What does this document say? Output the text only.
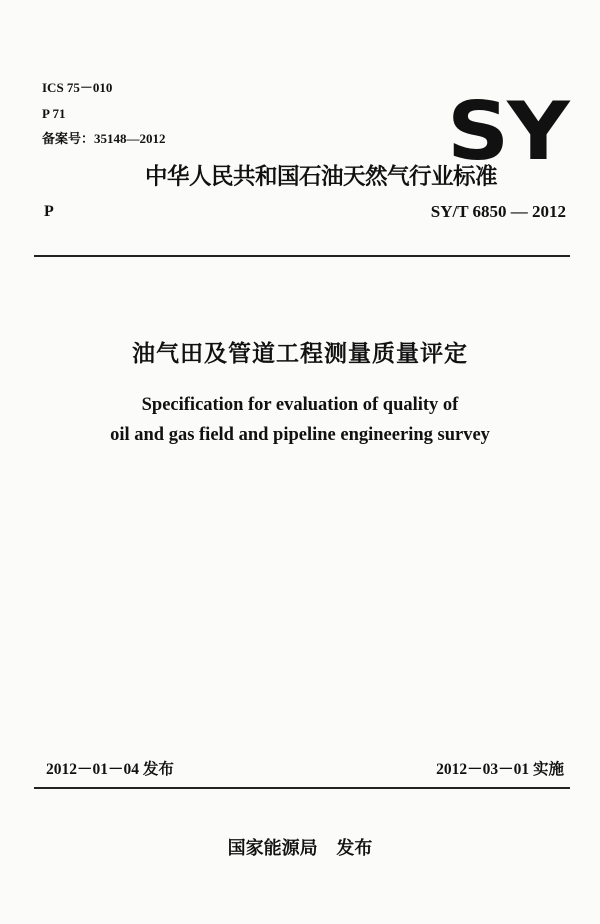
ICS 75－010
P 71
备案号：35148—2012	SY
中华人民共和国石油天然气行业标准
P	SY/T 6850 — 2012
油气田及管道工程测量质量评定
Specification for evaluation of quality of
oil and gas field and pipeline engineering survey
2012－01－04 发布	2012－03－01 实施
国家能源局   发布
